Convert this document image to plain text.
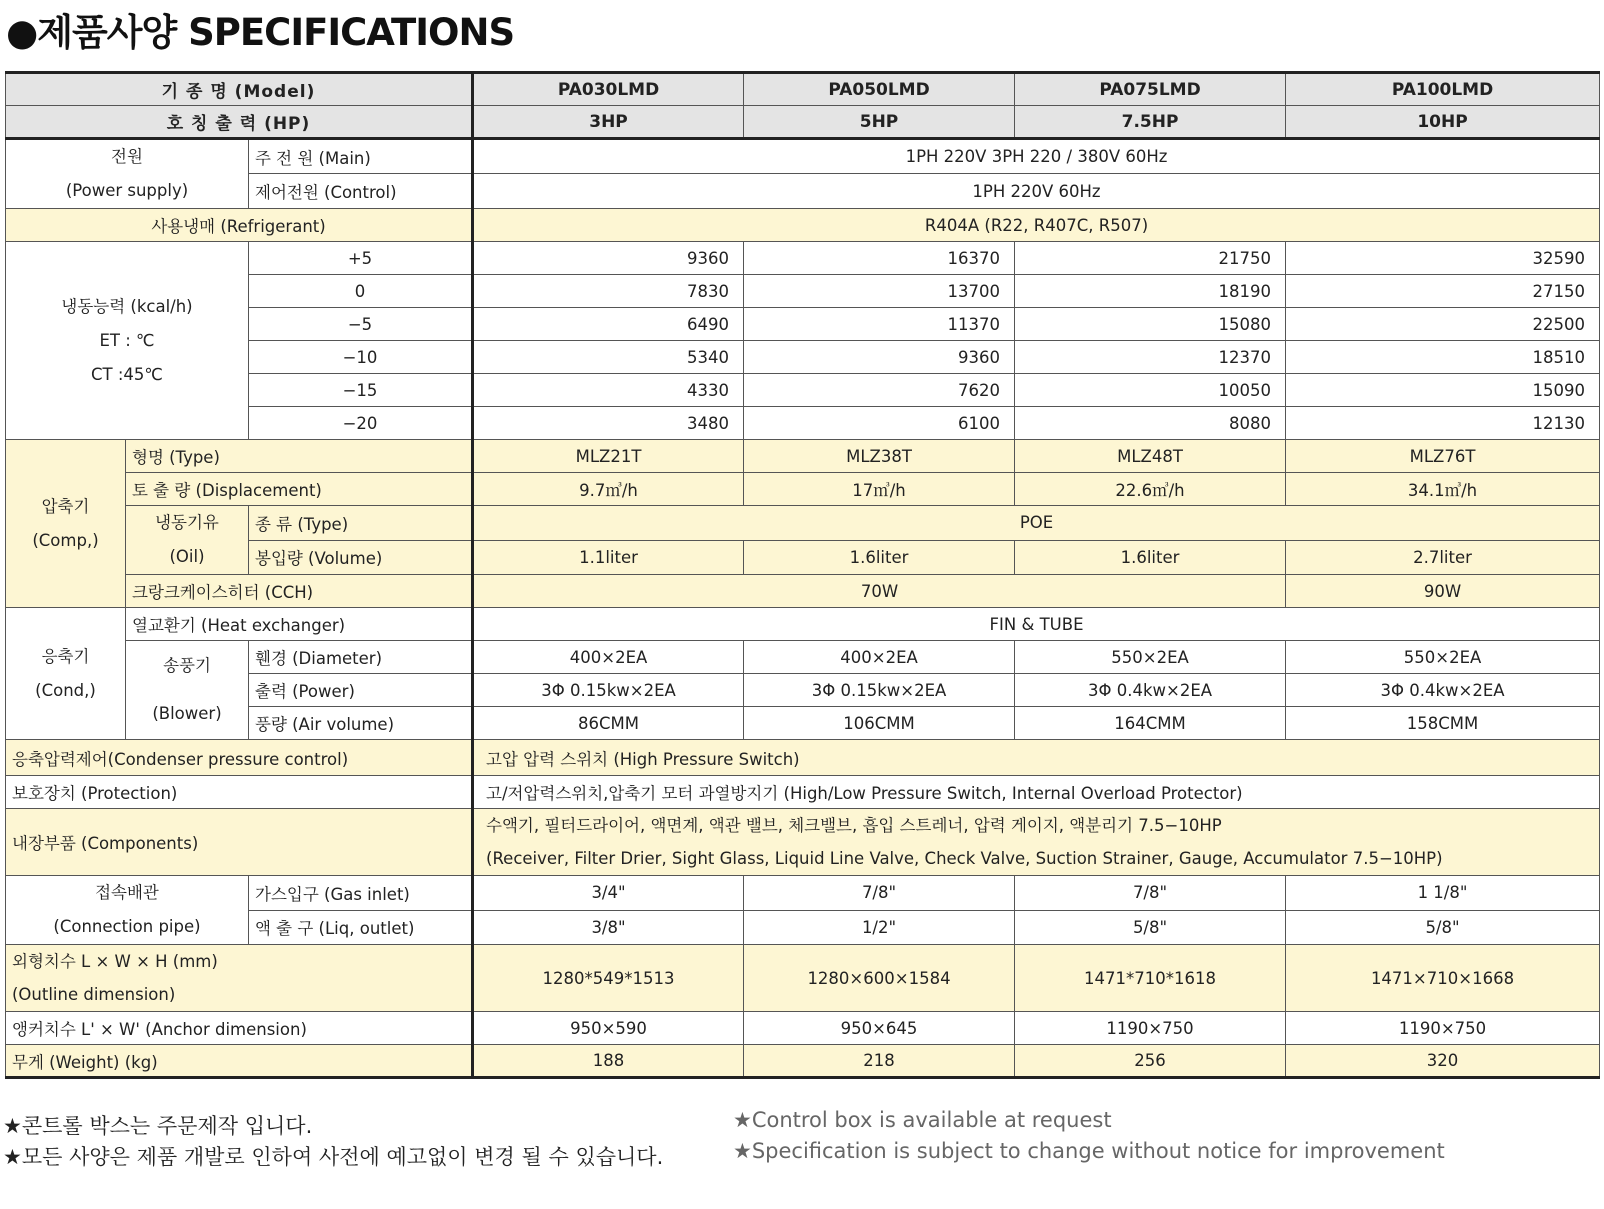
●제품사양 SPECIFICATIONS
기 종 명 (Model)			PA030LMD	PA050LMD	PA075LMD	PA100LMD
호 칭 출 력 (HP)			3HP	5HP	7.5HP	10HP

전원
(Power supply)		주 전 원 (Main)	1PH 220V 3PH 220 / 380V 60Hz			
		제어전원 (Control)	1PH 220V 60Hz			
사용냉매 (Refrigerant)			R404A (R22, R407C, R507)			

냉동능력 (kcal/h)
ET : ℃
CT :45℃		+5	9360	16370	21750	32590
		0	7830	13700	18190	27150
		−5	6490	11370	15080	22500
		−10	5340	9360	12370	18510
		−15	4330	7620	10050	15090
		−20	3480	6100	8080	12130

압축기
(Comp,)	형명 (Type)		MLZ21T	MLZ38T	MLZ48T	MLZ76T
	토 출 량 (Displacement)		9.7㎥/h	17㎥/h	22.6㎥/h	34.1㎥/h

	냉동기유
(Oil)	종 류 (Type)	POE			
		봉입량 (Volume)	1.1liter	1.6liter	1.6liter	2.7liter
	크랑크케이스히터 (CCH)		70W			90W

응축기
(Cond,)	열교환기 (Heat exchanger)		FIN & TUBE			

	송풍기
(Blower)	휀경 (Diameter)	400×2EA	400×2EA	550×2EA	550×2EA
		출력 (Power)	3Φ 0.15kw×2EA	3Φ 0.15kw×2EA	3Φ 0.4kw×2EA	3Φ 0.4kw×2EA
		풍량 (Air volume)	86CMM	106CMM	164CMM	158CMM
응축압력제어(Condenser pressure control)			고압 압력 스위치 (High Pressure Switch)			
보호장치 (Protection)			고/저압력스위치,압축기 모터 과열방지기 (High/Low Pressure Switch, Internal Overload Protector)			
내장부품 (Components)			수액기, 필터드라이어, 액면계, 액관 밸브, 체크밸브, 흡입 스트레너, 압력 게이지, 액분리기 7.5−10HP
(Receiver, Filter Drier, Sight Glass, Liquid Line Valve, Check Valve, Suction Strainer, Gauge, Accumulator 7.5−10HP)			

접속배관
(Connection pipe)		가스입구 (Gas inlet)	3/4"	7/8"	7/8"	1 1/8"
		액 출 구 (Liq, outlet)	3/8"	1/2"	5/8"	5/8"

외형치수 L × W × H (mm)
(Outline dimension)			1280*549*1513	1280×600×1584	1471*710*1618	1471×710×1668
앵커치수 L' × W' (Anchor dimension)			950×590	950×645	1190×750	1190×750
무게 (Weight) (kg)			188	218	256	320
★콘트롤 박스는 주문제작 입니다.
★모든 사양은 제품 개발로 인하여 사전에 예고없이 변경 될 수 있습니다.
★Control box is available at request
★Specification is subject to change without notice for improvement
